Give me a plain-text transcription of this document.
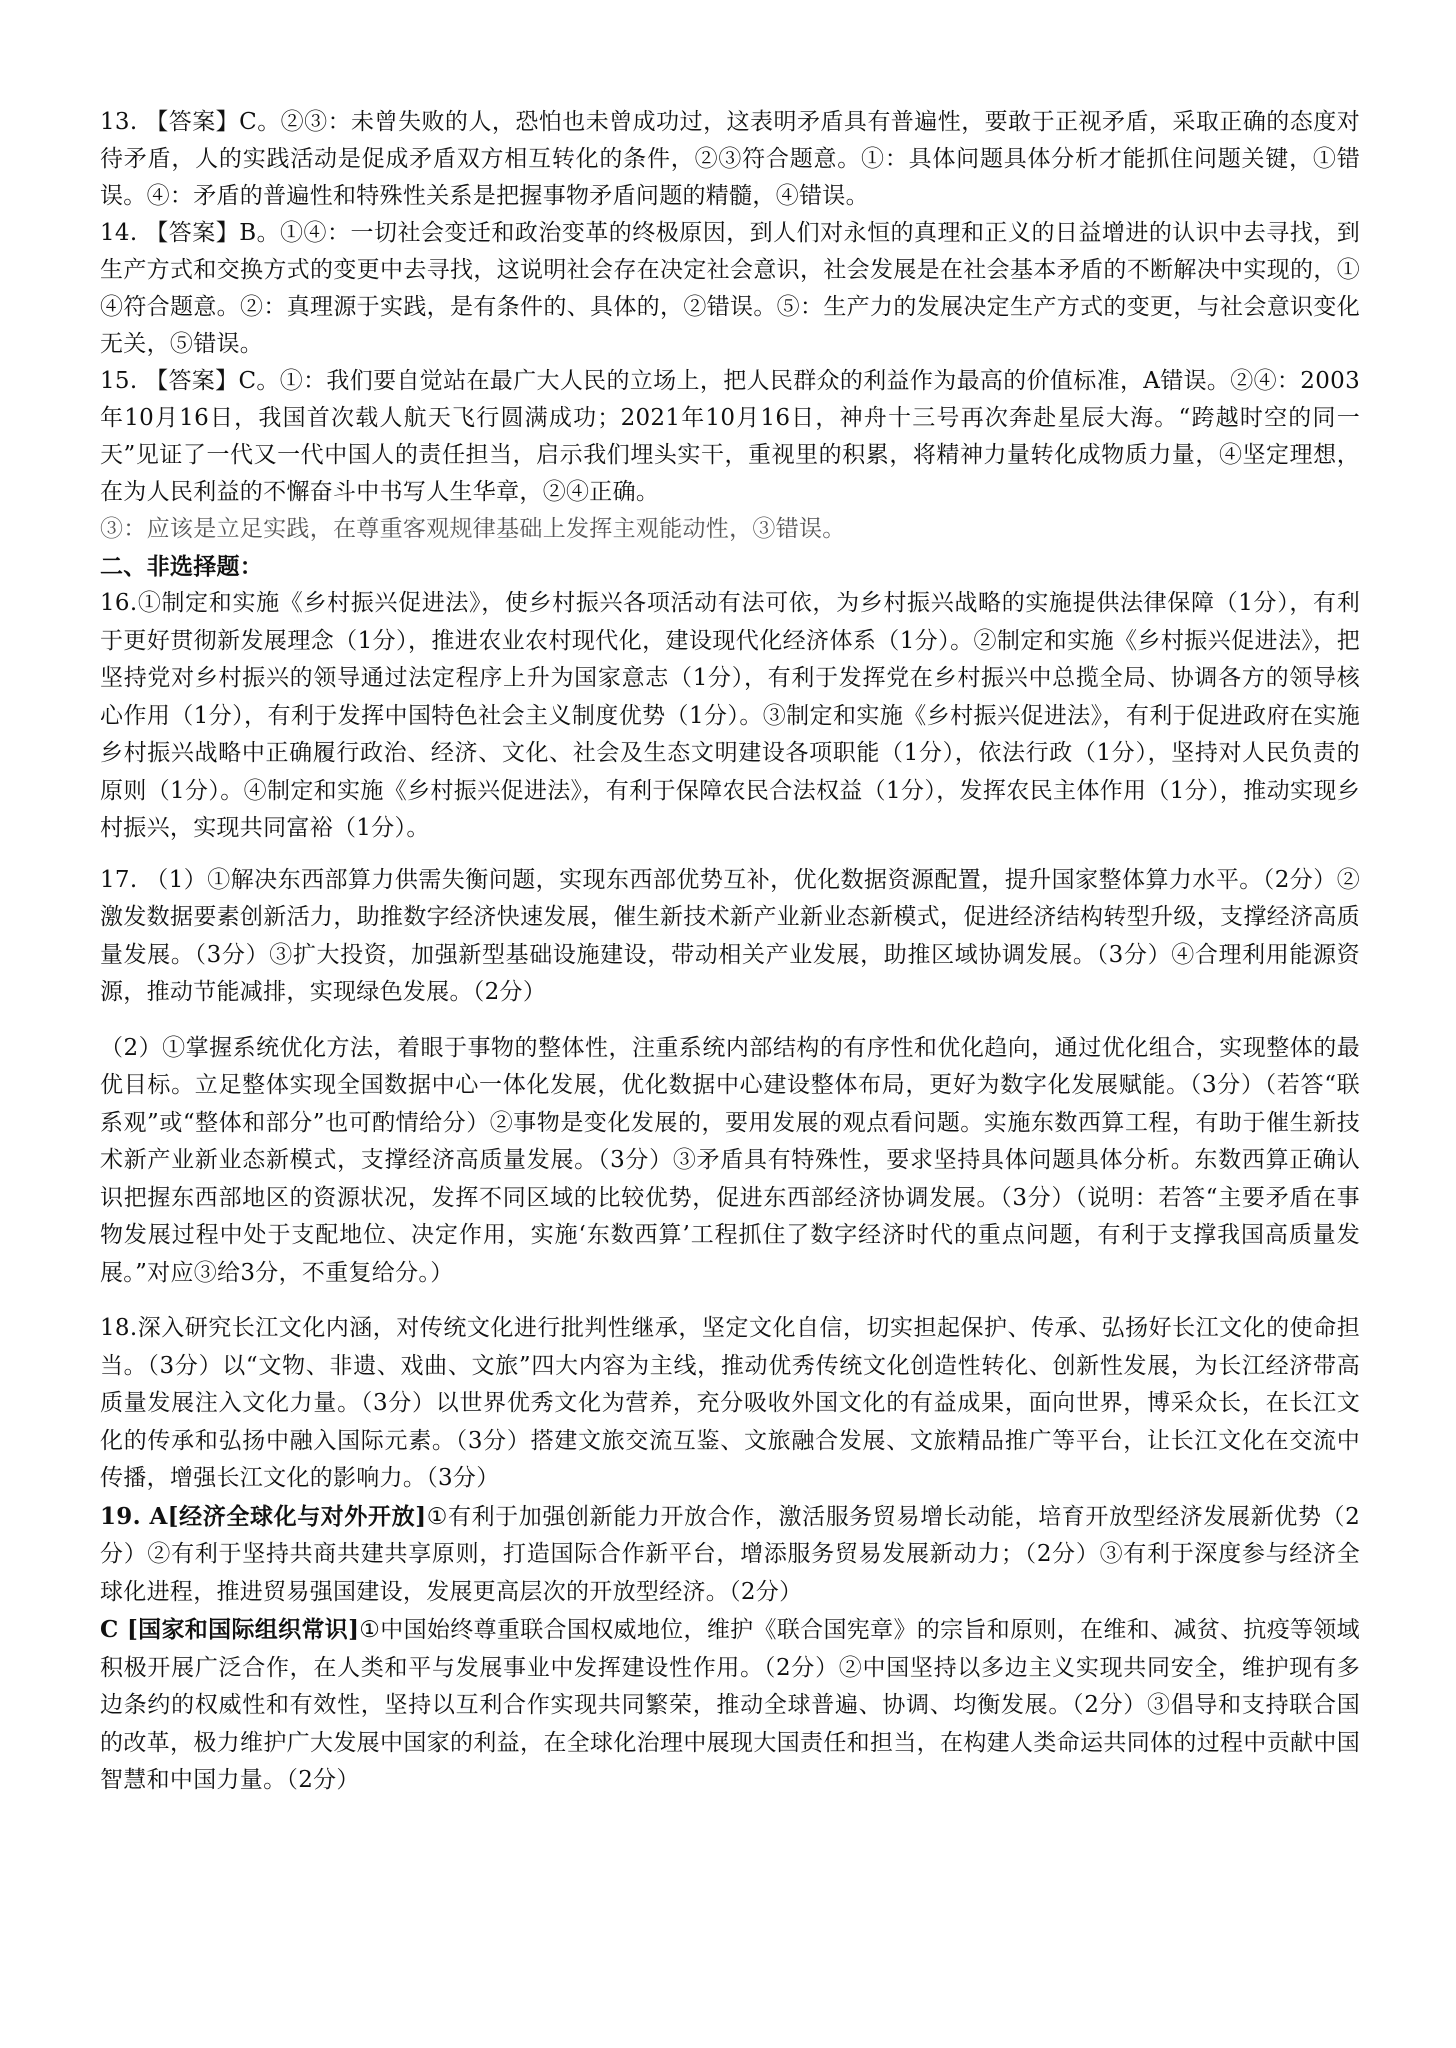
13. 【答案】C。②③：未曾失败的人，恐怕也未曾成功过，这表明矛盾具有普遍性，要敢于正视矛盾，采取正确的态度对待矛盾，人的实践活动是促成矛盾双方相互转化的条件，②③符合题意。①：具体问题具体分析才能抓住问题关键，①错误。④：矛盾的普遍性和特殊性关系是把握事物矛盾问题的精髓，④错误。

14. 【答案】B。①④：一切社会变迁和政治变革的终极原因，到人们对永恒的真理和正义的日益增进的认识中去寻找，到生产方式和交换方式的变更中去寻找，这说明社会存在决定社会意识，社会发展是在社会基本矛盾的不断解决中实现的，①④符合题意。②：真理源于实践，是有条件的、具体的，②错误。⑤：生产力的发展决定生产方式的变更，与社会意识变化无关，⑤错误。

15. 【答案】C。①：我们要自觉站在最广大人民的立场上，把人民群众的利益作为最高的价值标准，A错误。②④：2003年10月16日，我国首次载人航天飞行圆满成功；2021年10月16日，神舟十三号再次奔赴星辰大海。“跨越时空的同一天”见证了一代又一代中国人的责任担当，启示我们埋头实干，重视里的积累，将精神力量转化成物质力量，④坚定理想，在为人民利益的不懈奋斗中书写人生华章，②④正确。

③：应该是立足实践，在尊重客观规律基础上发挥主观能动性，③错误。

二、非选择题：

16.①制定和实施《乡村振兴促进法》，使乡村振兴各项活动有法可依，为乡村振兴战略的实施提供法律保障（1分），有利于更好贯彻新发展理念（1分），推进农业农村现代化，建设现代化经济体系（1分）。②制定和实施《乡村振兴促进法》，把坚持党对乡村振兴的领导通过法定程序上升为国家意志（1分），有利于发挥党在乡村振兴中总揽全局、协调各方的领导核心作用（1分），有利于发挥中国特色社会主义制度优势（1分）。③制定和实施《乡村振兴促进法》，有利于促进政府在实施乡村振兴战略中正确履行政治、经济、文化、社会及生态文明建设各项职能（1分），依法行政（1分），坚持对人民负责的原则（1分）。④制定和实施《乡村振兴促进法》，有利于保障农民合法权益（1分），发挥农民主体作用（1分），推动实现乡村振兴，实现共同富裕（1分）。

17. （1）①解决东西部算力供需失衡问题，实现东西部优势互补，优化数据资源配置，提升国家整体算力水平。（2分）②激发数据要素创新活力，助推数字经济快速发展，催生新技术新产业新业态新模式，促进经济结构转型升级，支撑经济高质量发展。（3分）③扩大投资，加强新型基础设施建设，带动相关产业发展，助推区域协调发展。（3分）④合理利用能源资源，推动节能减排，实现绿色发展。（2分）

（2）①掌握系统优化方法，着眼于事物的整体性，注重系统内部结构的有序性和优化趋向，通过优化组合，实现整体的最优目标。立足整体实现全国数据中心一体化发展，优化数据中心建设整体布局，更好为数字化发展赋能。（3分）（若答“联系观”或“整体和部分”也可酌情给分）②事物是变化发展的，要用发展的观点看问题。实施东数西算工程，有助于催生新技术新产业新业态新模式，支撑经济高质量发展。（3分）③矛盾具有特殊性，要求坚持具体问题具体分析。东数西算正确认识把握东西部地区的资源状况，发挥不同区域的比较优势，促进东西部经济协调发展。（3分）（说明：若答“主要矛盾在事物发展过程中处于支配地位、决定作用，实施‘东数西算’工程抓住了数字经济时代的重点问题，有利于支撑我国高质量发展。”对应③给3分，不重复给分。）

18.深入研究长江文化内涵，对传统文化进行批判性继承，坚定文化自信，切实担起保护、传承、弘扬好长江文化的使命担当。（3分）以“文物、非遗、戏曲、文旅”四大内容为主线，推动优秀传统文化创造性转化、创新性发展，为长江经济带高质量发展注入文化力量。（3分）以世界优秀文化为营养，充分吸收外国文化的有益成果，面向世界，博采众长，在长江文化的传承和弘扬中融入国际元素。（3分）搭建文旅交流互鉴、文旅融合发展、文旅精品推广等平台，让长江文化在交流中传播，增强长江文化的影响力。（3分）

19. A[经济全球化与对外开放]①有利于加强创新能力开放合作，激活服务贸易增长动能，培育开放型经济发展新优势（2分）②有利于坚持共商共建共享原则，打造国际合作新平台，增添服务贸易发展新动力；（2分）③有利于深度参与经济全球化进程，推进贸易强国建设，发展更高层次的开放型经济。（2分）

C [国家和国际组织常识]①中国始终尊重联合国权威地位，维护《联合国宪章》的宗旨和原则，在维和、减贫、抗疫等领域积极开展广泛合作，在人类和平与发展事业中发挥建设性作用。（2分）②中国坚持以多边主义实现共同安全，维护现有多边条约的权威性和有效性，坚持以互利合作实现共同繁荣，推动全球普遍、协调、均衡发展。（2分）③倡导和支持联合国的改革，极力维护广大发展中国家的利益，在全球化治理中展现大国责任和担当，在构建人类命运共同体的过程中贡献中国智慧和中国力量。（2分）
